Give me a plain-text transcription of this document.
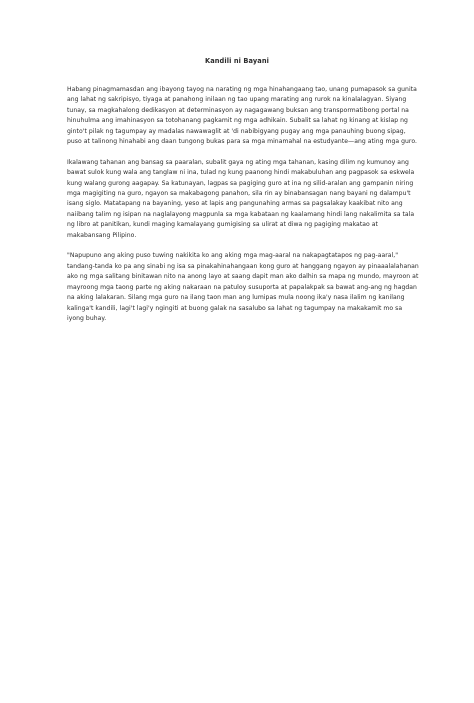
Kandili ni Bayani

Habang pinagmamasdan ang ibayong tayog na narating ng mga hinahangaang tao, unang pumapasok sa gunita ang lahat ng sakripisyo, tiyaga at panahong inilaan ng tao upang marating ang rurok na kinalalagyan. Siyang tunay, sa magkahalong dedikasyon at determinasyon ay nagagawang buksan ang transpormatibong portal na hinuhulma ang imahinasyon sa totohanang pagkamit ng mga adhikain. Subalit sa lahat ng kinang at kislap ng ginto't pilak ng tagumpay ay madalas nawawaglit at 'di nabibigyang pugay ang mga panauhing buong sipag, puso at talinong hinahabi ang daan tungong bukas para sa mga minamahal na estudyante—ang ating mga guro.

Ikalawang tahanan ang bansag sa paaralan, subalit gaya ng ating mga tahanan, kasing dilim ng kumunoy ang bawat sulok kung wala ang tanglaw ni ina, tulad ng kung paanong hindi makabuluhan ang pagpasok sa eskwela kung walang gurong aagapay. Sa katunayan, lagpas sa pagiging guro at ina ng silid-aralan ang gampanin niring mga magigiting na guro, ngayon sa makabagong panahon, sila rin ay binabansagan nang bayani ng dalampu't isang siglo. Matatapang na bayaning, yeso at lapis ang pangunahing armas sa pagsalakay kaakibat nito ang naiibang talim ng isipan na naglalayong magpunla sa mga kabataan ng kaalamang hindi lang nakalimita sa tala ng libro at panitikan, kundi maging kamalayang gumigising sa ulirat at diwa ng pagiging makatao at makabansang Pilipino.

"Napupuno ang aking puso tuwing nakikita ko ang aking mga mag-aaral na nakapagtatapos ng pag-aaral," tandang-tanda ko pa ang sinabi ng isa sa pinakahinahangaan kong guro at hanggang ngayon ay pinaaalalahanan ako ng mga salitang binitawan nito na anong layo at saang dapit man ako dalhin sa mapa ng mundo, mayroon at mayroong mga taong parte ng aking nakaraan na patuloy susuporta at papalakpak sa bawat ang-ang ng hagdan na aking lalakaran. Silang mga guro na ilang taon man ang lumipas mula noong ika'y nasa ilalim ng kanilang kalinga't kandili, lagi't lagi'y ngingiti at buong galak na sasalubo sa lahat ng tagumpay na makakamit mo sa iyong buhay.
